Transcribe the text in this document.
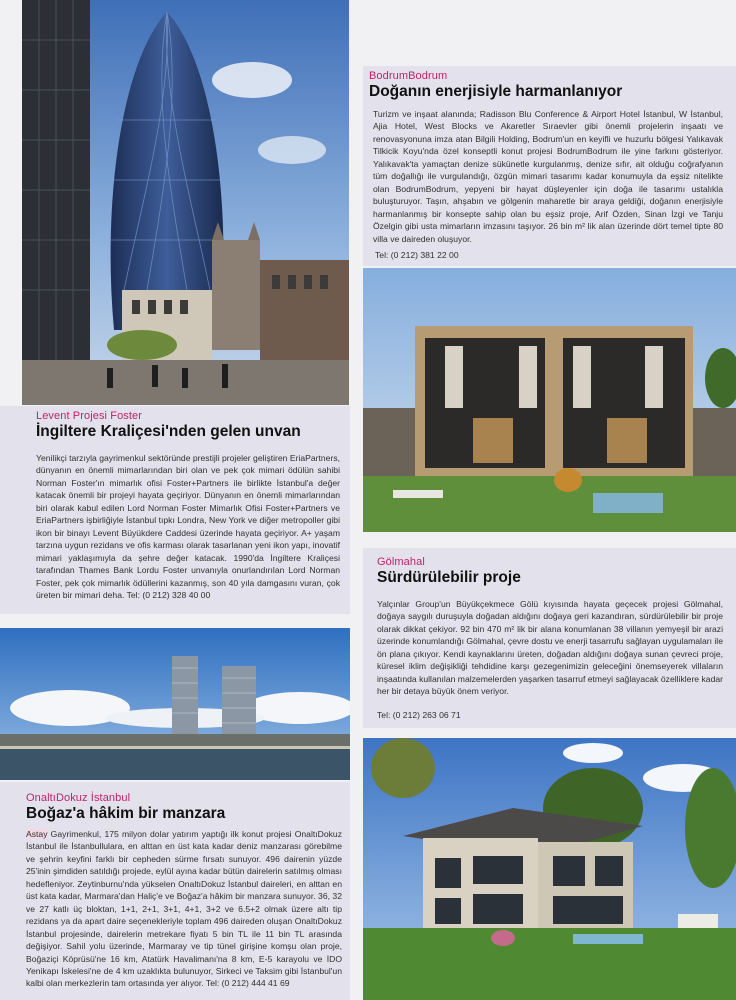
BodrumBodrum
Doğanın enerjisiyle harmanlanıyor
Turizm ve inşaat alanında; Radisson Blu Conference & Airport Hotel İstanbul, W İstanbul, Ajia Hotel, West Blocks ve Akaretler Sıraevler gibi önemli projelerin inşaatı ve renovasyonuna imza atan Bilgili Holding, Bodrum'un en keyifli ve huzurlu bölgesi Yalıkavak Tilkicik Koyu'nda özel konseptli konut projesi BodrumBodrum ile yine farkını gösteriyor. Yalıkavak'ta yamaçtan denize sükünetle kurgulanmış, denize sıfır, ait olduğu coğrafyanın tüm doğallığı ile vurgulandığı, özgün mimari tasarımı kadar konumuyla da eşsiz nitelikte olan BodrumBodrum, yepyeni bir hayat düşleyenler için doğa ile tasarımı ustalıkla buluşturuyor. Taşın, ahşabın ve gölgenin maharetle bir araya geldiği, doğanın enerjisiyle harmanlanmış bir konsepte sahip olan bu eşsiz proje, Arif Özden, Sinan İzgi ve Tanju Özelgin gibi usta mimarların imzasını taşıyor. 26 bin m² lik alan üzerinde dört temel tipte 80 villa ve daireden oluşuyor.
Tel: (0 212) 381 22 00
Levent Projesi Foster
İngiltere Kraliçesi'nden gelen unvan
Yenilikçi tarzıyla gayrimenkul sektöründe prestijli projeler geliştiren EriaPartners, dünyanın en önemli mimarlarından biri olan ve pek çok mimari ödülün sahibi Norman Foster'ın mimarlık ofisi Foster+Partners ile birlikte İstanbul'a değer katacak önemli bir projeyi hayata geçiriyor. Dünyanın en önemli mimarlarından biri olarak kabul edilen Lord Norman Foster Mimarlık Ofisi Foster+Partners ve EriaPartners işbirliğiyle İstanbul tıpkı Londra, New York ve diğer metropoller gibi ikon bir binayı Levent Büyükdere Caddesi üzerinde hayata geçiriyor. A+ yaşam tarzına uygun rezidans ve ofis karması olarak tasarlanan yeni ikon yapı, inovatif mimari yaklaşımıyla da şehre değer katacak. 1990'da İngiltere Kraliçesi tarafından Thames Bank Lordu Foster unvanıyla onurlandırılan Lord Norman Foster, pek çok mimarlık ödüllerini kazanmış, son 40 yıla damgasını vuran, çok üreten bir mimari deha. Tel: (0 212) 328 40 00
Gölmahal
Sürdürülebilir proje
Yalçınlar Group'un Büyükçekmece Gölü kıyısında hayata geçecek projesi Gölmahal, doğaya saygılı duruşuyla doğadan aldığını doğaya geri kazandıran, sürdürülebilir bir proje olarak dikkat çekiyor. 92 bin 470 m² lik bir alana konumlanan 38 villanın yemyeşil bir arazi üzerinde konumlandığı Gölmahal, çevre dostu ve enerji tasarrufu sağlayan uygulamaları ile ön plana çıkıyor. Kendi kaynaklarını üreten, doğadan aldığını doğaya sunan çevreci proje, küresel iklim değişikliği tehdidine karşı gezegenimizin geleceğini önemseyerek villaların inşaatında kullanılan malzemelerden yaşarken tasarruf etmeyi sağlayacak özelliklere kadar her bir detaya büyük önem veriyor.
Tel: (0 212) 263 06 71
OnaltıDokuz İstanbul
Boğaz'a hâkim bir manzara
Astay Gayrimenkul, 175 milyon dolar yatırım yaptığı ilk konut projesi OnaltıDokuz İstanbul ile İstanbullulara, en alttan en üst kata kadar deniz manzarası görebilme ve şehrin keyfini farklı bir cepheden sürme fırsatı sunuyor. 496 dairenin yüzde 25'inin şimdiden satıldığı projede, eylül ayına kadar bütün dairelerin satılmış olması hedefleniyor. Zeytinburnu'nda yükselen OnaltıDokuz İstanbul daireleri, en alttan en üst kata kadar, Marmara'dan Haliç'e ve Boğaz'a hâkim bir manzara sunuyor. 36, 32 ve 27 katlı üç bloktan, 1+1, 2+1, 3+1, 4+1, 3+2 ve 6.5+2 olmak üzere altı tip rezidans ya da apart daire seçenekleriyle toplam 496 daireden oluşan OnaltıDokuz İstanbul projesinde, dairelerin metrekare fiyatı 5 bin TL ile 11 bin TL arasında değişiyor. Sahil yolu üzerinde, Marmaray ve tip tünel girişine komşu olan proje, Boğaziçi Köprüsü'ne 16 km, Atatürk Havalimanı'na 8 km, E-5 karayolu ve İDO Yenikapı İskelesi'ne de 4 km uzaklıkta bulunuyor, Sirkeci ve Taksim gibi İstanbul'un kalbi olan merkezlerin tam ortasında yer alıyor. Tel: (0 212) 444 41 69
